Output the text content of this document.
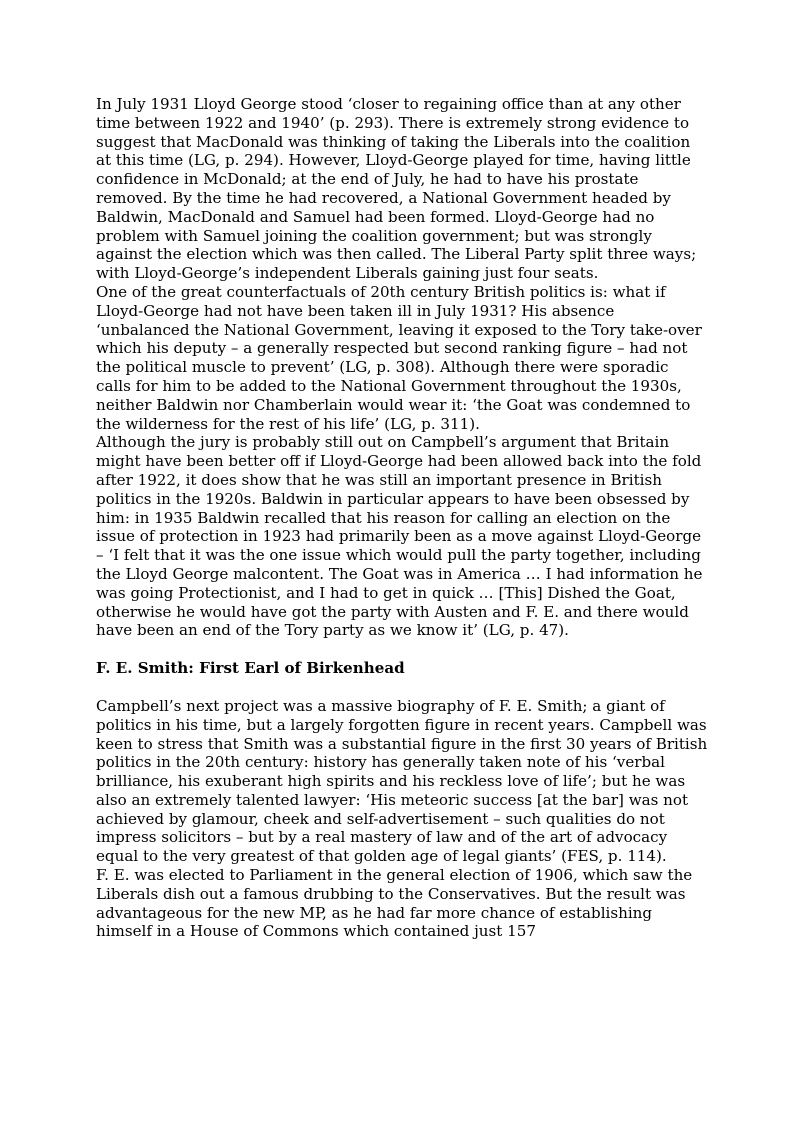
In July 1931 Lloyd George stood ‘closer to regaining office than at any other time between 1922 and 1940’ (p. 293). There is extremely strong evidence to suggest that MacDonald was thinking of taking the Liberals into the coalition at this time (LG, p. 294). However, Lloyd-George played for time, having little confidence in McDonald; at the end of July, he had to have his prostate removed. By the time he had recovered, a National Government headed by Baldwin, MacDonald and Samuel had been formed. Lloyd-George had no problem with Samuel joining the coalition government; but was strongly against the election which was then called. The Liberal Party split three ways; with Lloyd-George’s independent Liberals gaining just four seats.

One of the great counterfactuals of 20th century British politics is: what if Lloyd-George had not have been taken ill in July 1931? His absence ‘unbalanced the National Government, leaving it exposed to the Tory take-over which his deputy – a generally respected but second ranking figure – had not the political muscle to prevent’ (LG, p. 308). Although there were sporadic calls for him to be added to the National Government throughout the 1930s, neither Baldwin nor Chamberlain would wear it: ‘the Goat was condemned to the wilderness for the rest of his life’ (LG, p. 311).

Although the jury is probably still out on Campbell’s argument that Britain might have been better off if Lloyd-George had been allowed back into the fold after 1922, it does show that he was still an important presence in British politics in the 1920s. Baldwin in particular appears to have been obsessed by him: in 1935 Baldwin recalled that his reason for calling an election on the issue of protection in 1923 had primarily been as a move against Lloyd-George – ‘I felt that it was the one issue which would pull the party together, including the Lloyd George malcontent. The Goat was in America … I had information he was going Protectionist, and I had to get in quick … [This] Dished the Goat, otherwise he would have got the party with Austen and F. E. and there would have been an end of the Tory party as we know it’ (LG, p. 47).

F. E. Smith: First Earl of Birkenhead

Campbell’s next project was a massive biography of F. E. Smith; a giant of politics in his time, but a largely forgotten figure in recent years. Campbell was keen to stress that Smith was a substantial figure in the first 30 years of British politics in the 20th century: history has generally taken note of his ‘verbal brilliance, his exuberant high spirits and his reckless love of life’; but he was also an extremely talented lawyer: ‘His meteoric success [at the bar] was not achieved by glamour, cheek and self-advertisement – such qualities do not impress solicitors – but by a real mastery of law and of the art of advocacy equal to the very greatest of that golden age of legal giants’ (FES, p. 114).

F. E. was elected to Parliament in the general election of 1906, which saw the Liberals dish out a famous drubbing to the Conservatives. But the result was advantageous for the new MP, as he had far more chance of establishing himself in a House of Commons which contained just 157
